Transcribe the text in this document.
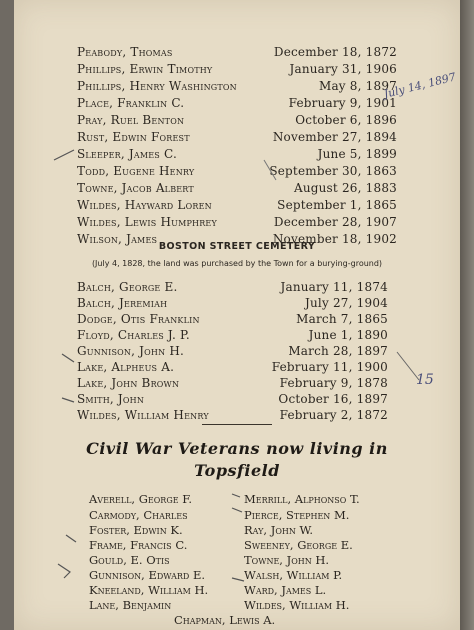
Peabody, Thomas	December 18, 1872
Phillips, Erwin Timothy	January 31, 1906
Phillips, Henry Washington	May 8, 1897
Place, Franklin C.	February 9, 1901
Pray, Ruel Benton	October 6, 1896
Rust, Edwin Forest	November 27, 1894
Sleeper, James C.	June 5, 1899
Todd, Eugene Henry	September 30, 1863
Towne, Jacob Albert	August 26, 1883
Wildes, Hayward Loren	September 1, 1865
Wildes, Lewis Humphrey	December 28, 1907
Wilson, James	November 18, 1902
BOSTON STREET CEMETERY
(July 4, 1828, the land was purchased by the Town for a burying-ground)
Balch, George E.	January 11, 1874
Balch, Jeremiah	July 27, 1904
Dodge, Otis Franklin	March 7, 1865
Floyd, Charles J. P.	June 1, 1890
Gunnison, John H.	March 28, 1897
Lake, Alpheus A.	February 11, 1900
Lake, John Brown	February 9, 1878
Smith, John	October 16, 1897
Wildes, William Henry	February 2, 1872
Civil War Veterans now living in
Topsfield
Averell, George F.
Carmody, Charles
Foster, Edwin K.
Frame, Francis C.
Gould, E. Otis
Gunnison, Edward E.
Kneeland, William H.
Lane, Benjamin
Merrill, Alphonso T.
Pierce, Stephen M.
Ray, John W.
Sweeney, George E.
Towne, John H.
Walsh, William P.
Ward, James L.
Wildes, William H.
Chapman, Lewis A.
July 14, 1897
15
